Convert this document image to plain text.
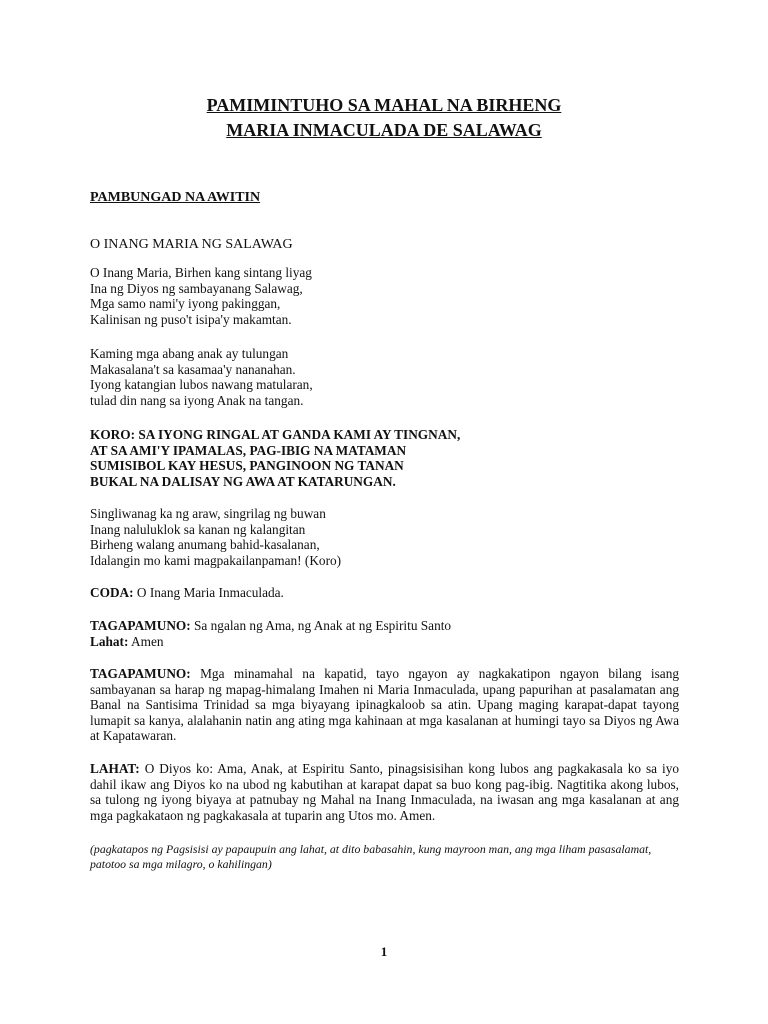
PAMIMINTUHO SA MAHAL NA BIRHENG

MARIA INMACULADA DE SALAWAG

PAMBUNGAD NA AWITIN
O INANG MARIA NG SALAWAG
O Inang Maria, Birhen kang sintang liyag
Ina ng Diyos ng sambayanang Salawag,
Mga samo nami'y iyong pakinggan,
Kalinisan ng puso't isipa'y makamtan.
Kaming mga abang anak ay tulungan
Makasalana't sa kasamaa'y nananahan.
Iyong katangian lubos nawang matularan,
tulad din nang sa iyong Anak na tangan.
KORO: SA IYONG RINGAL AT GANDA KAMI AY TINGNAN,
AT SA AMI'Y IPAMALAS, PAG-IBIG NA MATAMAN
SUMISIBOL KAY HESUS, PANGINOON NG TANAN
BUKAL NA DALISAY NG AWA AT KATARUNGAN.
Singliwanag ka ng araw, singrilag ng buwan
Inang naluluklok sa kanan ng kalangitan
Birheng walang anumang bahid-kasalanan,
Idalangin mo kami magpakailanpaman! (Koro)
CODA: O Inang Maria Inmaculada.
TAGAPAMUNO: Sa ngalan ng Ama, ng Anak at ng Espiritu Santo
Lahat: Amen
TAGAPAMUNO: Mga minamahal na kapatid, tayo ngayon ay nagkakatipon ngayon bilang isang sambayanan sa harap ng mapag-himalang Imahen ni Maria Inmaculada, upang papurihan at pasalamatan ang Banal na Santisima Trinidad sa mga biyayang ipinagkaloob sa atin. Upang maging karapat-dapat tayong lumapit sa kanya, alalahanin natin ang ating mga kahinaan at mga kasalanan at humingi tayo sa Diyos ng Awa at Kapatawaran.
LAHAT: O Diyos ko: Ama, Anak, at Espiritu Santo, pinagsisisihan kong lubos ang pagkakasala ko sa iyo dahil ikaw ang Diyos ko na ubod ng kabutihan at karapat dapat sa buo kong pag-ibig. Nagtitika akong lubos, sa tulong ng iyong biyaya at patnubay ng Mahal na Inang Inmaculada, na iwasan ang mga kasalanan at ang mga pagkakataon ng pagkakasala at tuparin ang Utos mo. Amen.
(pagkatapos ng Pagsisisi ay papaupuin ang lahat, at dito babasahin, kung mayroon man, ang mga liham pasasalamat, patotoo sa mga milagro, o kahilingan)
1
